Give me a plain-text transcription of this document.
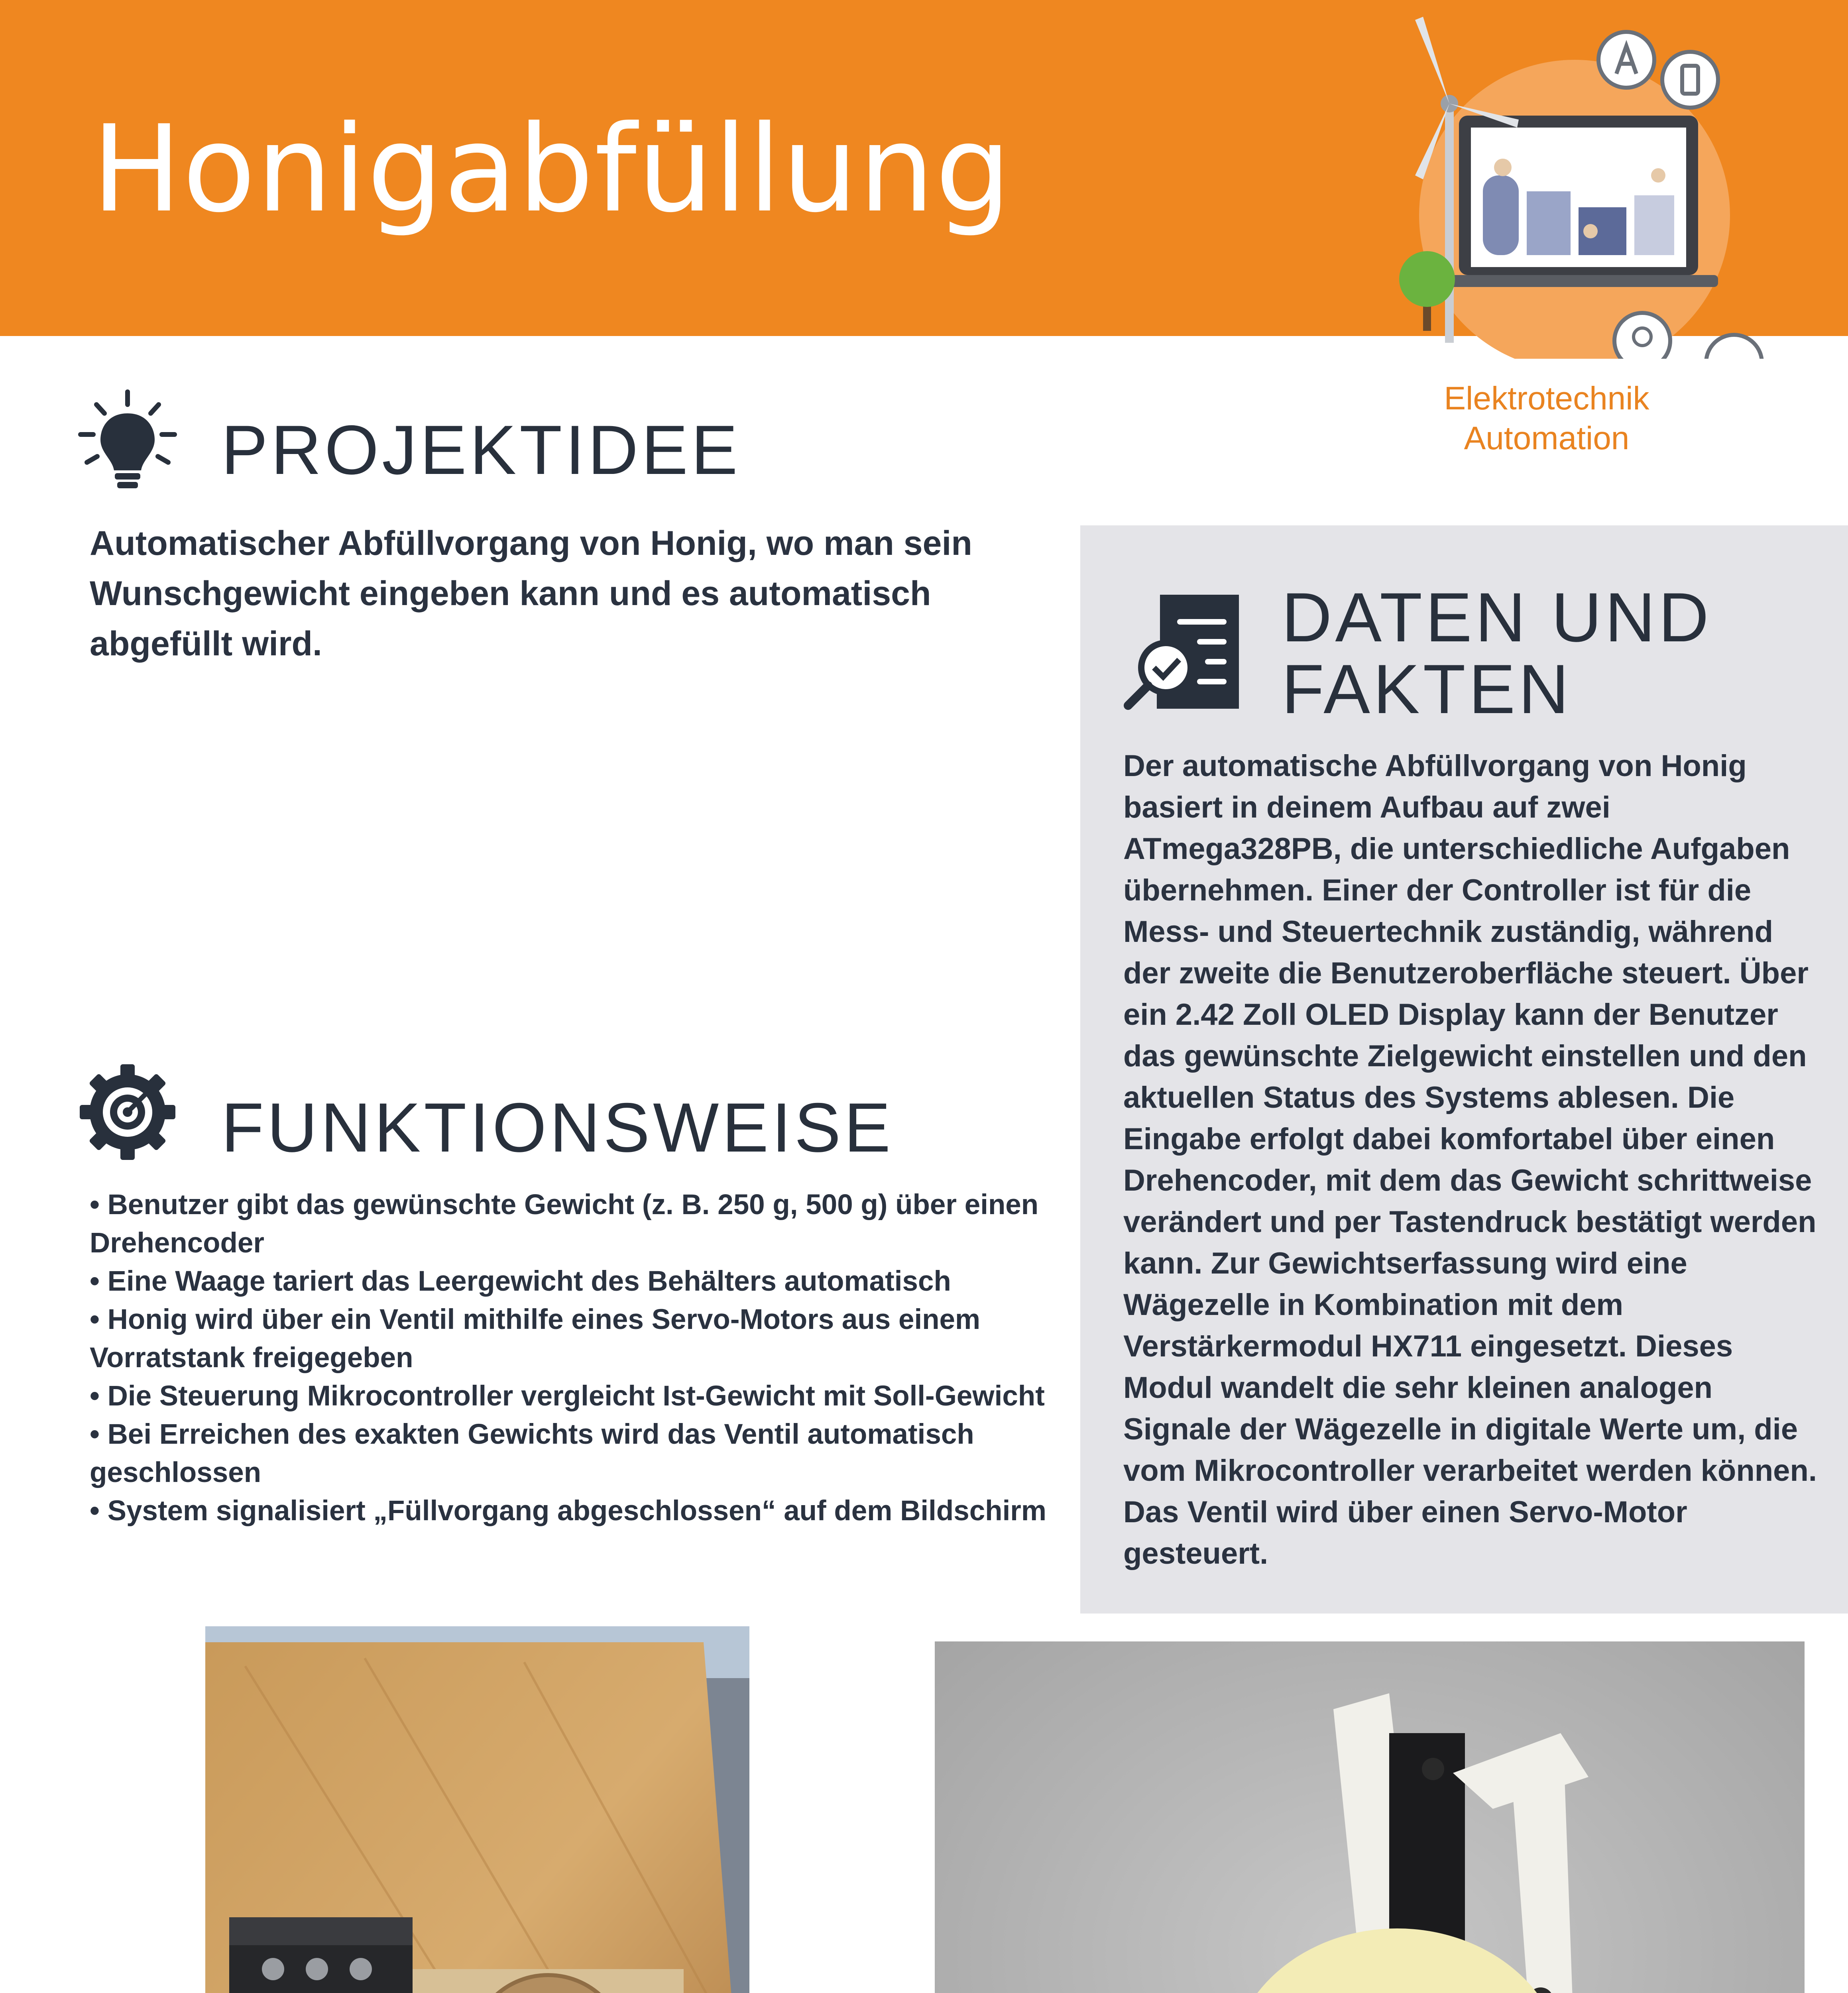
Honigabfüllung
Elektrotechnik
Automation
PROJEKTIDEE
Automatischer Abfüllvorgang von Honig, wo man sein Wunschgewicht eingeben kann und es automatisch abgefüllt wird.
FUNKTIONSWEISE
• Benutzer gibt das gewünschte Gewicht (z. B. 250 g, 500 g) über einen Drehencoder
• Eine Waage tariert das Leergewicht des Behälters automatisch
• Honig wird über ein Ventil mithilfe eines Servo-Motors aus einem Vorratstank freigegeben
• Die Steuerung Mikrocontroller vergleicht Ist-Gewicht mit Soll-Gewicht
• Bei Erreichen des exakten Gewichts wird das Ventil automatisch geschlossen
• System signalisiert „Füllvorgang abgeschlossen“ auf dem Bildschirm
DATEN UND FAKTEN
Der automatische Abfüllvorgang von Honig basiert in deinem Aufbau auf zwei ATmega328PB, die unterschiedliche Aufgaben übernehmen. Einer der Controller ist für die Mess- und Steuertechnik zuständig, während der zweite die Benutzeroberfläche steuert. Über ein 2.42 Zoll OLED Display kann der Benutzer das gewünschte Zielgewicht einstellen und den aktuellen Status des Systems ablesen. Die Eingabe erfolgt dabei komfortabel über einen Drehencoder, mit dem das Gewicht schrittweise verändert und per Tastendruck bestätigt werden kann. Zur Gewichtserfassung wird eine Wägezelle in Kombination mit dem Verstärkermodul HX711 eingesetzt. Dieses Modul wandelt die sehr kleinen analogen Signale der Wägezelle in digitale Werte um, die vom Mikrocontroller verarbeitet werden können. Das Ventil wird über einen Servo-Motor gesteuert.
